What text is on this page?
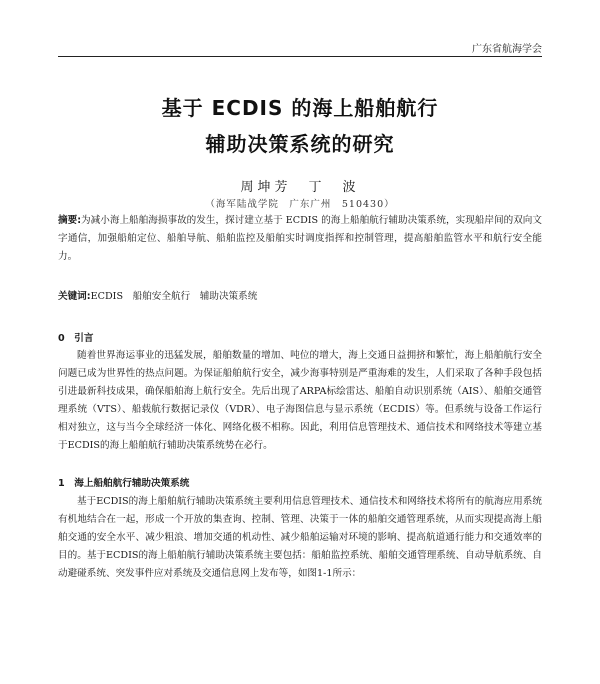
广东省航海学会
基于 ECDIS 的海上船舶航行
辅助决策系统的研究
周坤芳　丁　波
（海军陆战学院　广东广州　510430）
摘要:为减小海上船舶海损事故的发生，探讨建立基于 ECDIS 的海上船舶航行辅助决策系统，实现船岸间的双向文字通信，加强船舶定位、船舶导航、船舶监控及船舶实时调度指挥和控制管理，提高船舶监管水平和航行安全能力。
关键词:ECDIS　船舶安全航行　辅助决策系统
0　引言
随着世界海运事业的迅猛发展，船舶数量的增加、吨位的增大，海上交通日益拥挤和繁忙，海上船舶航行安全问题已成为世界性的热点问题。为保证船舶航行安全，减少海事特别是严重海难的发生，人们采取了各种手段包括引进最新科技成果，确保船舶海上航行安全。先后出现了ARPA标绘雷达、船舶自动识别系统（AIS）、船舶交通管理系统（VTS）、船载航行数据记录仪（VDR）、电子海图信息与显示系统（ECDIS）等。但系统与设备工作运行相对独立，这与当今全球经济一体化、网络化极不相称。因此，利用信息管理技术、通信技术和网络技术等建立基于ECDIS的海上船舶航行辅助决策系统势在必行。
1　海上船舶航行辅助决策系统
基于ECDIS的海上船舶航行辅助决策系统主要利用信息管理技术、通信技术和网络技术将所有的航海应用系统有机地结合在一起，形成一个开放的集查询、控制、管理、决策于一体的船舶交通管理系统，从而实现提高海上船舶交通的安全水平、减少粗浪、增加交通的机动性、减少船舶运输对环境的影响、提高航道通行能力和交通效率的目的。基于ECDIS的海上船舶航行辅助决策系统主要包括：船舶监控系统、船舶交通管理系统、自动导航系统、自动避碰系统、突发事件应对系统及交通信息网上发布等，如图1-1所示：
